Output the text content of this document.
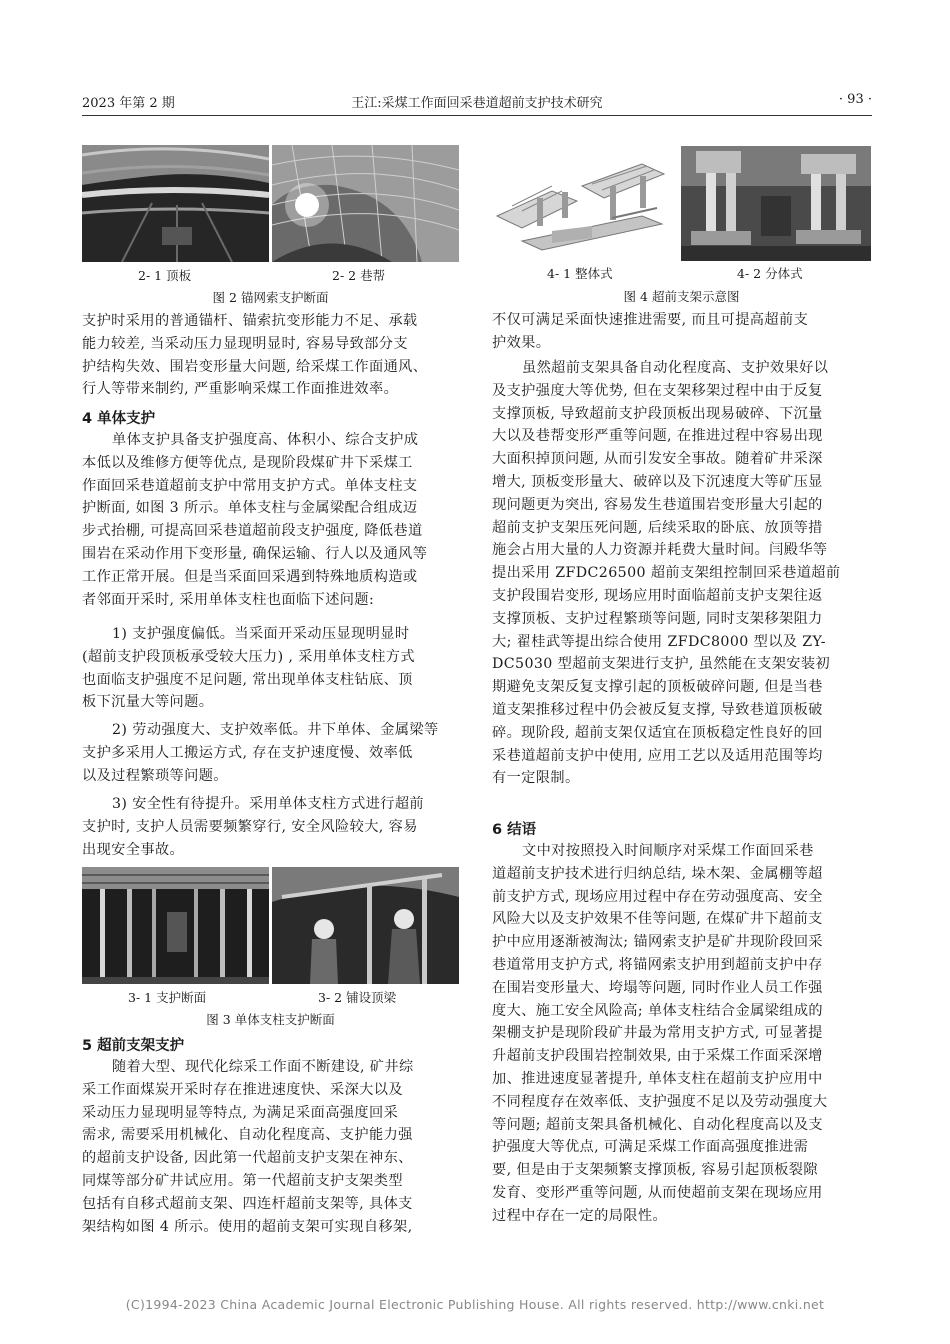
2023 年第 2 期	王江:采煤工作面回采巷道超前支护技术研究	· 93 ·
2- 1 顶板	2- 2 巷帮
图 2 锚网索支护断面
4- 1 整体式	4- 2 分体式
图 4 超前支架示意图
支护时采用的普通锚杆、锚索抗变形能力不足、承载
能力较差, 当采动压力显现明显时, 容易导致部分支
护结构失效、围岩变形量大问题, 给采煤工作面通风、
行人等带来制约, 严重影响采煤工作面推进效率。
4 单体支护
单体支护具备支护强度高、体积小、综合支护成
本低以及维修方便等优点, 是现阶段煤矿井下采煤工
作面回采巷道超前支护中常用支护方式。单体支柱支
护断面, 如图 3 所示。单体支柱与金属梁配合组成迈
步式抬棚, 可提高回采巷道超前段支护强度, 降低巷道
围岩在采动作用下变形量, 确保运输、行人以及通风等
工作正常开展。但是当采面回采遇到特殊地质构造或
者邻面开采时, 采用单体支柱也面临下述问题:
1) 支护强度偏低。当采面开采动压显现明显时
(超前支护段顶板承受较大压力) , 采用单体支柱方式
也面临支护强度不足问题, 常出现单体支柱钻底、顶
板下沉量大等问题。
2) 劳动强度大、支护效率低。井下单体、金属梁等
支护多采用人工搬运方式, 存在支护速度慢、效率低
以及过程繁琐等问题。
3) 安全性有待提升。采用单体支柱方式进行超前
支护时, 支护人员需要频繁穿行, 安全风险较大, 容易
出现安全事故。
3- 1 支护断面	3- 2 铺设顶梁
图 3 单体支柱支护断面
5 超前支架支护
随着大型、现代化综采工作面不断建设, 矿井综
采工作面煤炭开采时存在推进速度快、采深大以及
采动压力显现明显等特点, 为满足采面高强度回采
需求, 需要采用机械化、自动化程度高、支护能力强
的超前支护设备, 因此第一代超前支护支架在神东、
同煤等部分矿井试应用。第一代超前支护支架类型
包括有自移式超前支架、四连杆超前支架等, 具体支
架结构如图 4 所示。使用的超前支架可实现自移架,
不仅可满足采面快速推进需要, 而且可提高超前支
护效果。
虽然超前支架具备自动化程度高、支护效果好以
及支护强度大等优势, 但在支架移架过程中由于反复
支撑顶板, 导致超前支护段顶板出现易破碎、下沉量
大以及巷帮变形严重等问题, 在推进过程中容易出现
大面积掉顶问题, 从而引发安全事故。随着矿井采深
增大, 顶板变形量大、破碎以及下沉速度大等矿压显
现问题更为突出, 容易发生巷道围岩变形量大引起的
超前支护支架压死问题, 后续采取的卧底、放顶等措
施会占用大量的人力资源并耗费大量时间。闫殿华等
提出采用 ZFDC26500 超前支架组控制回采巷道超前
支护段围岩变形, 现场应用时面临超前支护支架往返
支撑顶板、支护过程繁琐等问题, 同时支架移架阻力
大; 翟桂武等提出综合使用 ZFDC8000 型以及 ZY-
DC5030 型超前支架进行支护, 虽然能在支架安装初
期避免支架反复支撑引起的顶板破碎问题, 但是当巷
道支架推移过程中仍会被反复支撑, 导致巷道顶板破
碎。现阶段, 超前支架仅适宜在顶板稳定性良好的回
采巷道超前支护中使用, 应用工艺以及适用范围等均
有一定限制。
6 结语
文中对按照投入时间顺序对采煤工作面回采巷
道超前支护技术进行归纳总结, 垛木架、金属棚等超
前支护方式, 现场应用过程中存在劳动强度高、安全
风险大以及支护效果不佳等问题, 在煤矿井下超前支
护中应用逐渐被淘汰; 锚网索支护是矿井现阶段回采
巷道常用支护方式, 将锚网索支护用到超前支护中存
在围岩变形量大、垮塌等问题, 同时作业人员工作强
度大、施工安全风险高; 单体支柱结合金属梁组成的
架棚支护是现阶段矿井最为常用支护方式, 可显著提
升超前支护段围岩控制效果, 由于采煤工作面采深增
加、推进速度显著提升, 单体支柱在超前支护应用中
不同程度存在效率低、支护强度不足以及劳动强度大
等问题; 超前支架具备机械化、自动化程度高以及支
护强度大等优点, 可满足采煤工作面高强度推进需
要, 但是由于支架频繁支撑顶板, 容易引起顶板裂隙
发育、变形严重等问题, 从而使超前支架在现场应用
过程中存在一定的局限性。
(C)1994-2023 China Academic Journal Electronic Publishing House. All rights reserved. http://www.cnki.net
